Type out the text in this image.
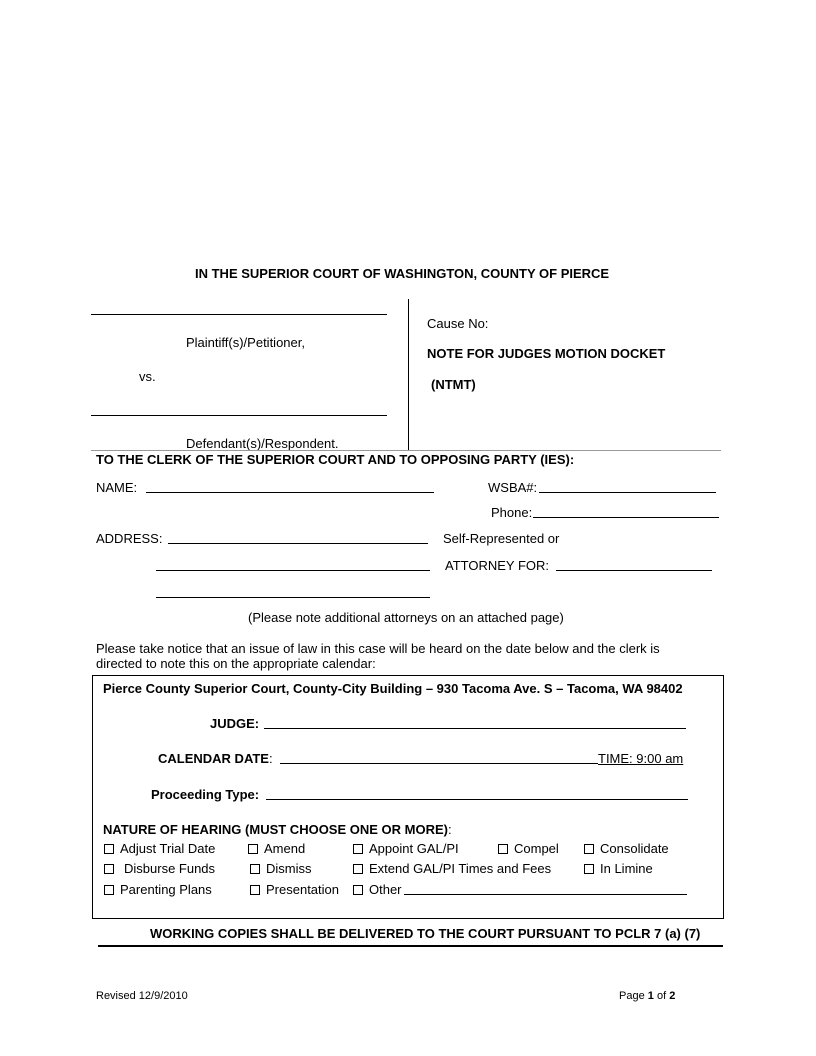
IN THE SUPERIOR COURT OF WASHINGTON, COUNTY OF PIERCE
Plaintiff(s)/Petitioner,
vs.
Defendant(s)/Respondent.
Cause No:
NOTE FOR JUDGES MOTION DOCKET
(NTMT)
TO THE CLERK OF THE SUPERIOR COURT AND TO OPPOSING PARTY (IES):
NAME:	WSBA#:
Phone:
ADDRESS:	Self-Represented or
ATTORNEY FOR:
(Please note additional attorneys on an attached page)
Please take notice that an issue of law in this case will be heard on the date below and the clerk is directed to note this on the appropriate calendar:
Pierce County Superior Court, County-City Building – 930 Tacoma Ave. S – Tacoma, WA 98402
JUDGE:
CALENDAR DATE:	TIME: 9:00 am
Proceeding Type:
NATURE OF HEARING (MUST CHOOSE ONE OR MORE):
Adjust Trial Date	Amend	Appoint GAL/PI	Compel	Consolidate
Disburse Funds	Dismiss	Extend GAL/PI Times and Fees	In Limine
Parenting Plans	Presentation	Other
WORKING COPIES SHALL BE DELIVERED TO THE COURT PURSUANT TO PCLR 7 (a) (7)
Revised 12/9/2010	Page 1 of 2
